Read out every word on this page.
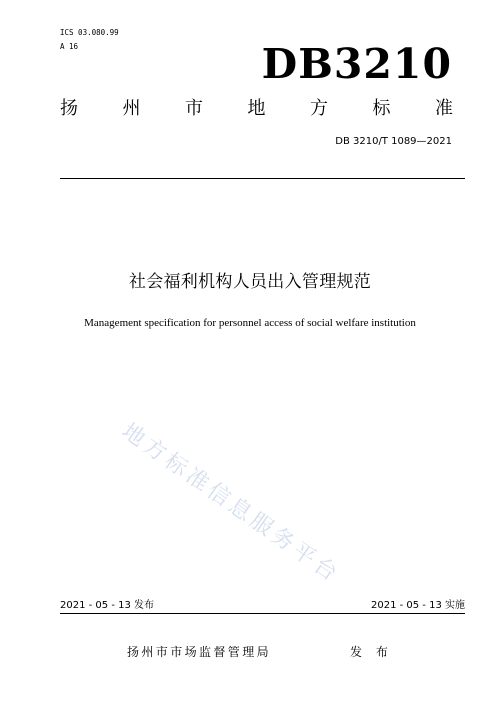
ICS 03.080.99
A 16	DB3210
扬 州 市 地 方 标 准
DB 3210/T 1089—2021
社会福利机构人员出入管理规范
Management specification for personnel access of social welfare institution
地方标准信息服务平台
2021 - 05 - 13 发布	2021 - 05 - 13 实施
扬州市市场监督管理局	发 布
